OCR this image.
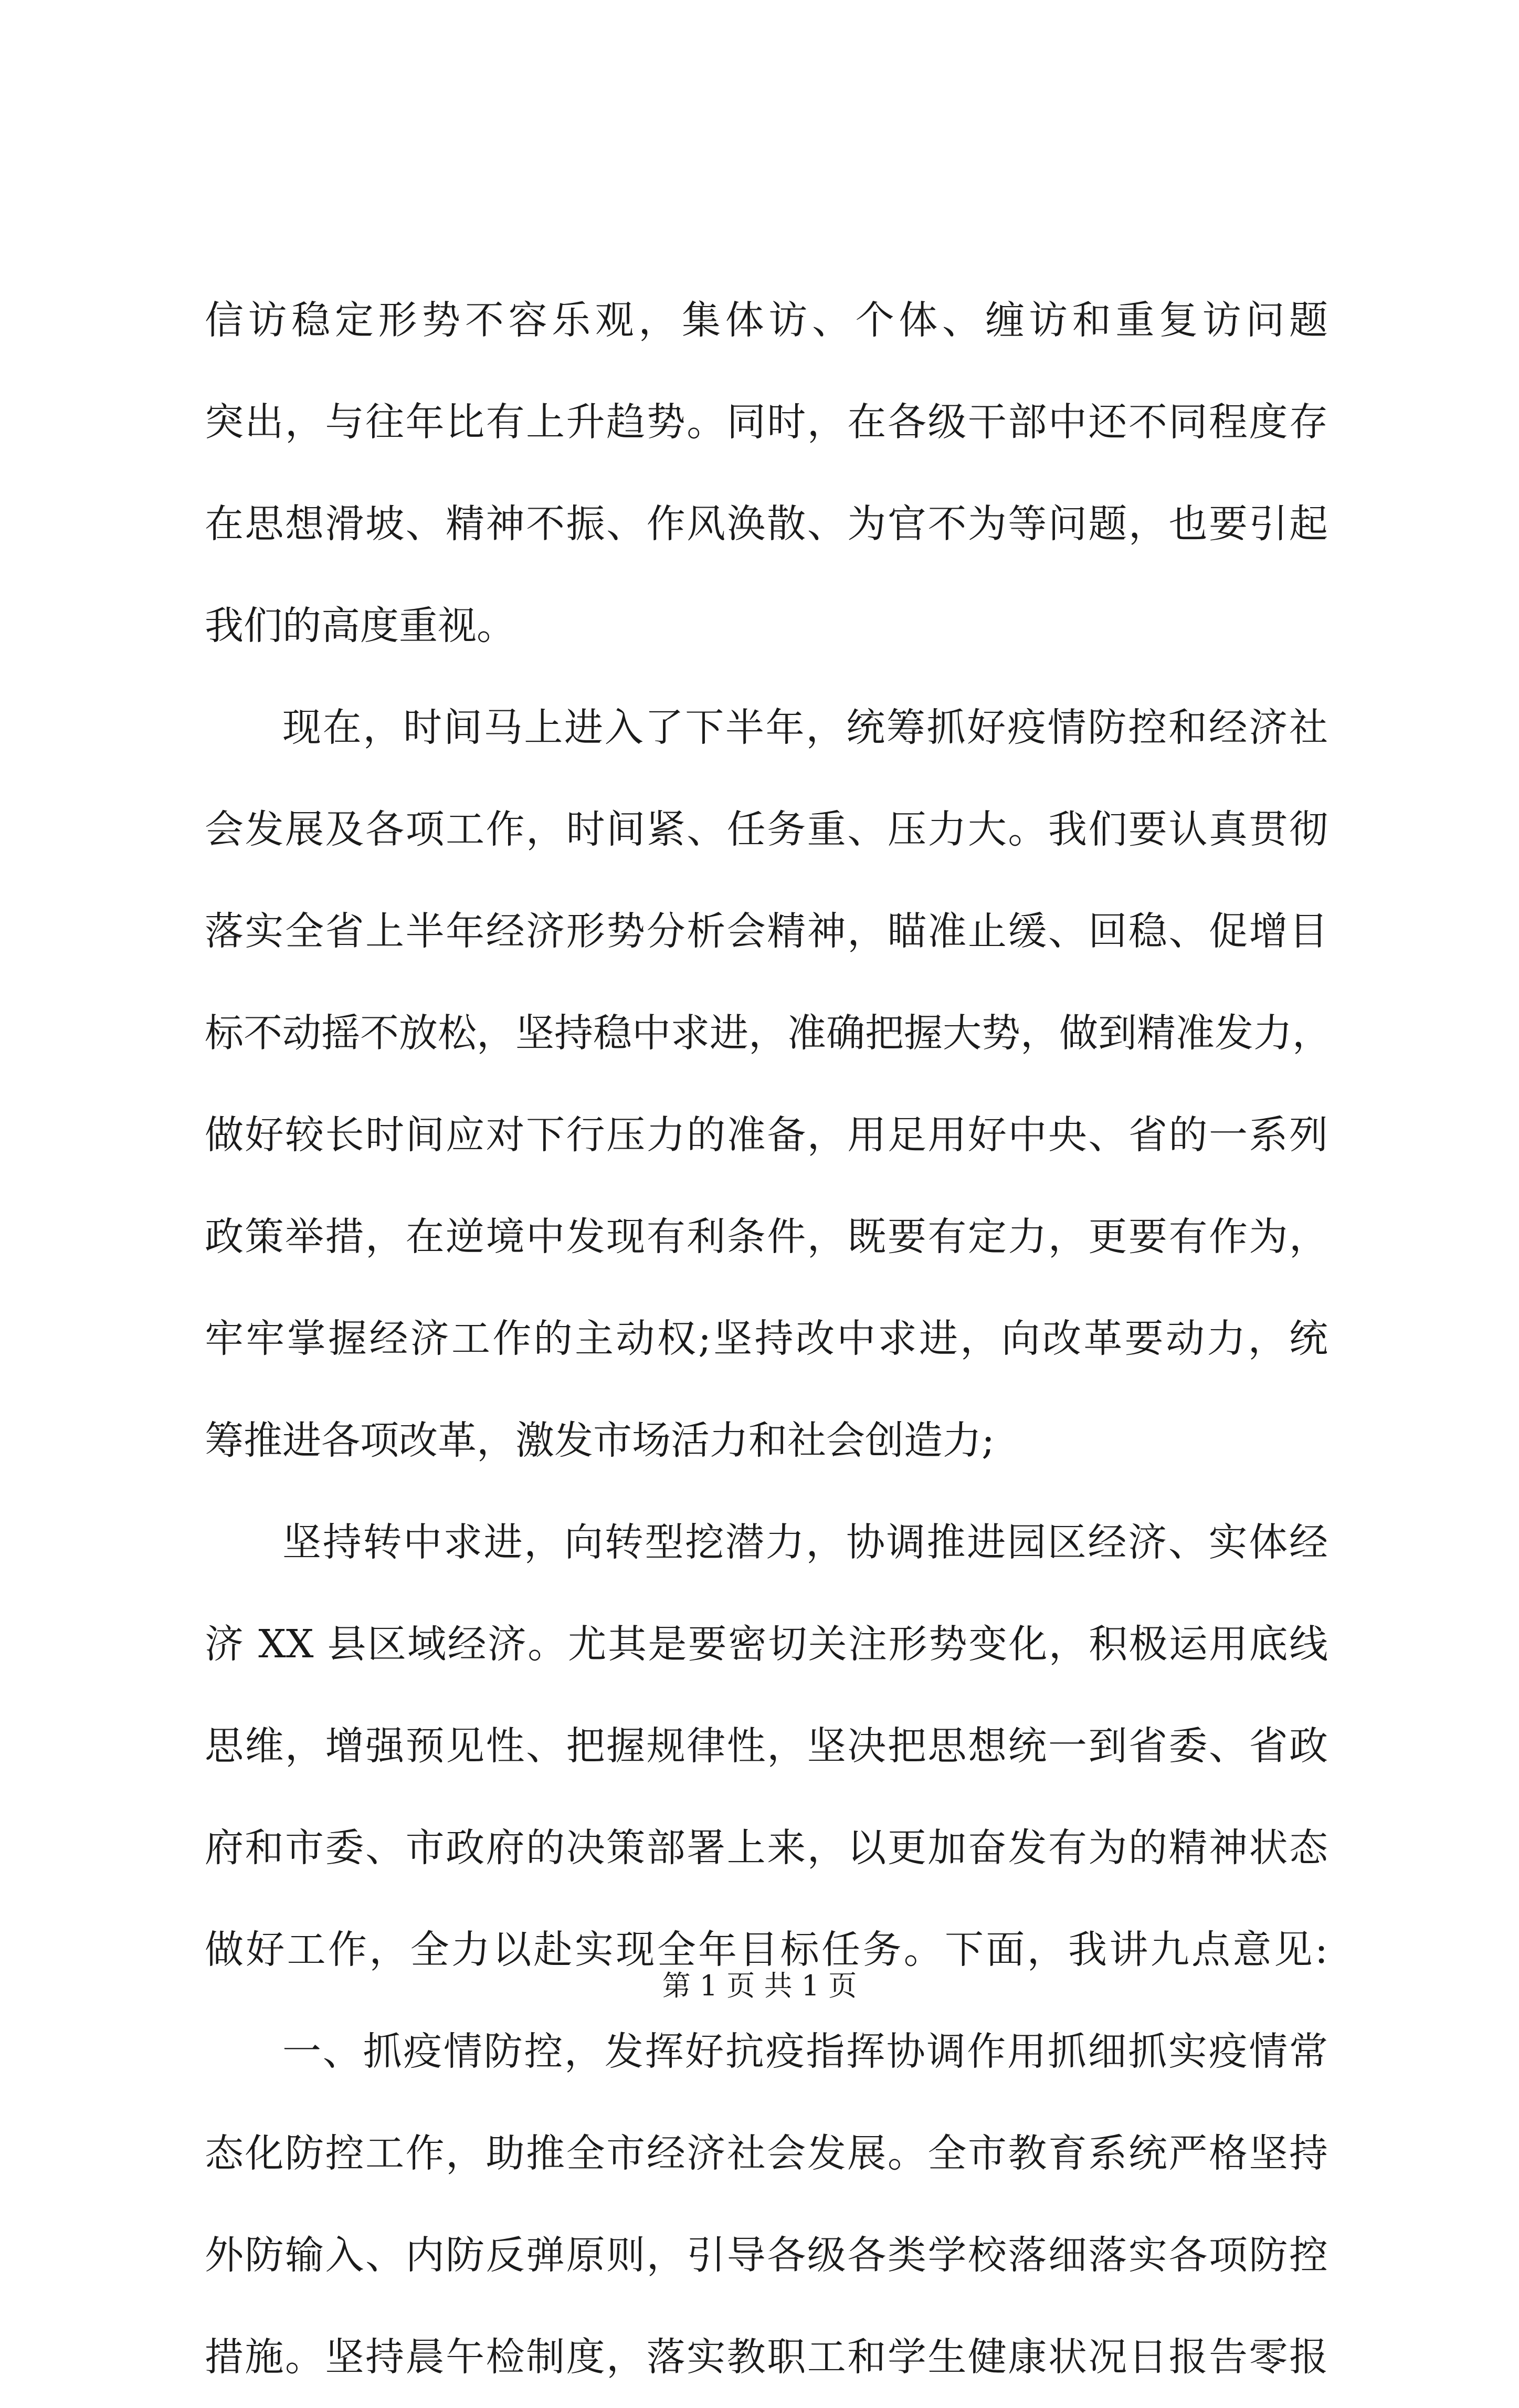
信访稳定形势不容乐观，集体访、个体、缠访和重复访问题
突出，与往年比有上升趋势。同时，在各级干部中还不同程度存
在思想滑坡、精神不振、作风涣散、为官不为等问题，也要引起
我们的高度重视。
现在，时间马上进入了下半年，统筹抓好疫情防控和经济社
会发展及各项工作，时间紧、任务重、压力大。我们要认真贯彻
落实全省上半年经济形势分析会精神，瞄准止缓、回稳、促增目
标不动摇不放松，坚持稳中求进，准确把握大势，做到精准发力，
做好较长时间应对下行压力的准备，用足用好中央、省的一系列
政策举措，在逆境中发现有利条件，既要有定力，更要有作为，
牢牢掌握经济工作的主动权;坚持改中求进，向改革要动力，统
筹推进各项改革，激发市场活力和社会创造力;
坚持转中求进，向转型挖潜力，协调推进园区经济、实体经
济 XX 县区域经济。尤其是要密切关注形势变化，积极运用底线
思维，增强预见性、把握规律性，坚决把思想统一到省委、省政
府和市委、市政府的决策部署上来，以更加奋发有为的精神状态
做好工作，全力以赴实现全年目标任务。下面，我讲九点意见:
一、抓疫情防控，发挥好抗疫指挥协调作用抓细抓实疫情常
态化防控工作，助推全市经济社会发展。全市教育系统严格坚持
外防输入、内防反弹原则，引导各级各类学校落细落实各项防控
措施。坚持晨午检制度，落实教职工和学生健康状况日报告零报
第 1 页 共 1 页
